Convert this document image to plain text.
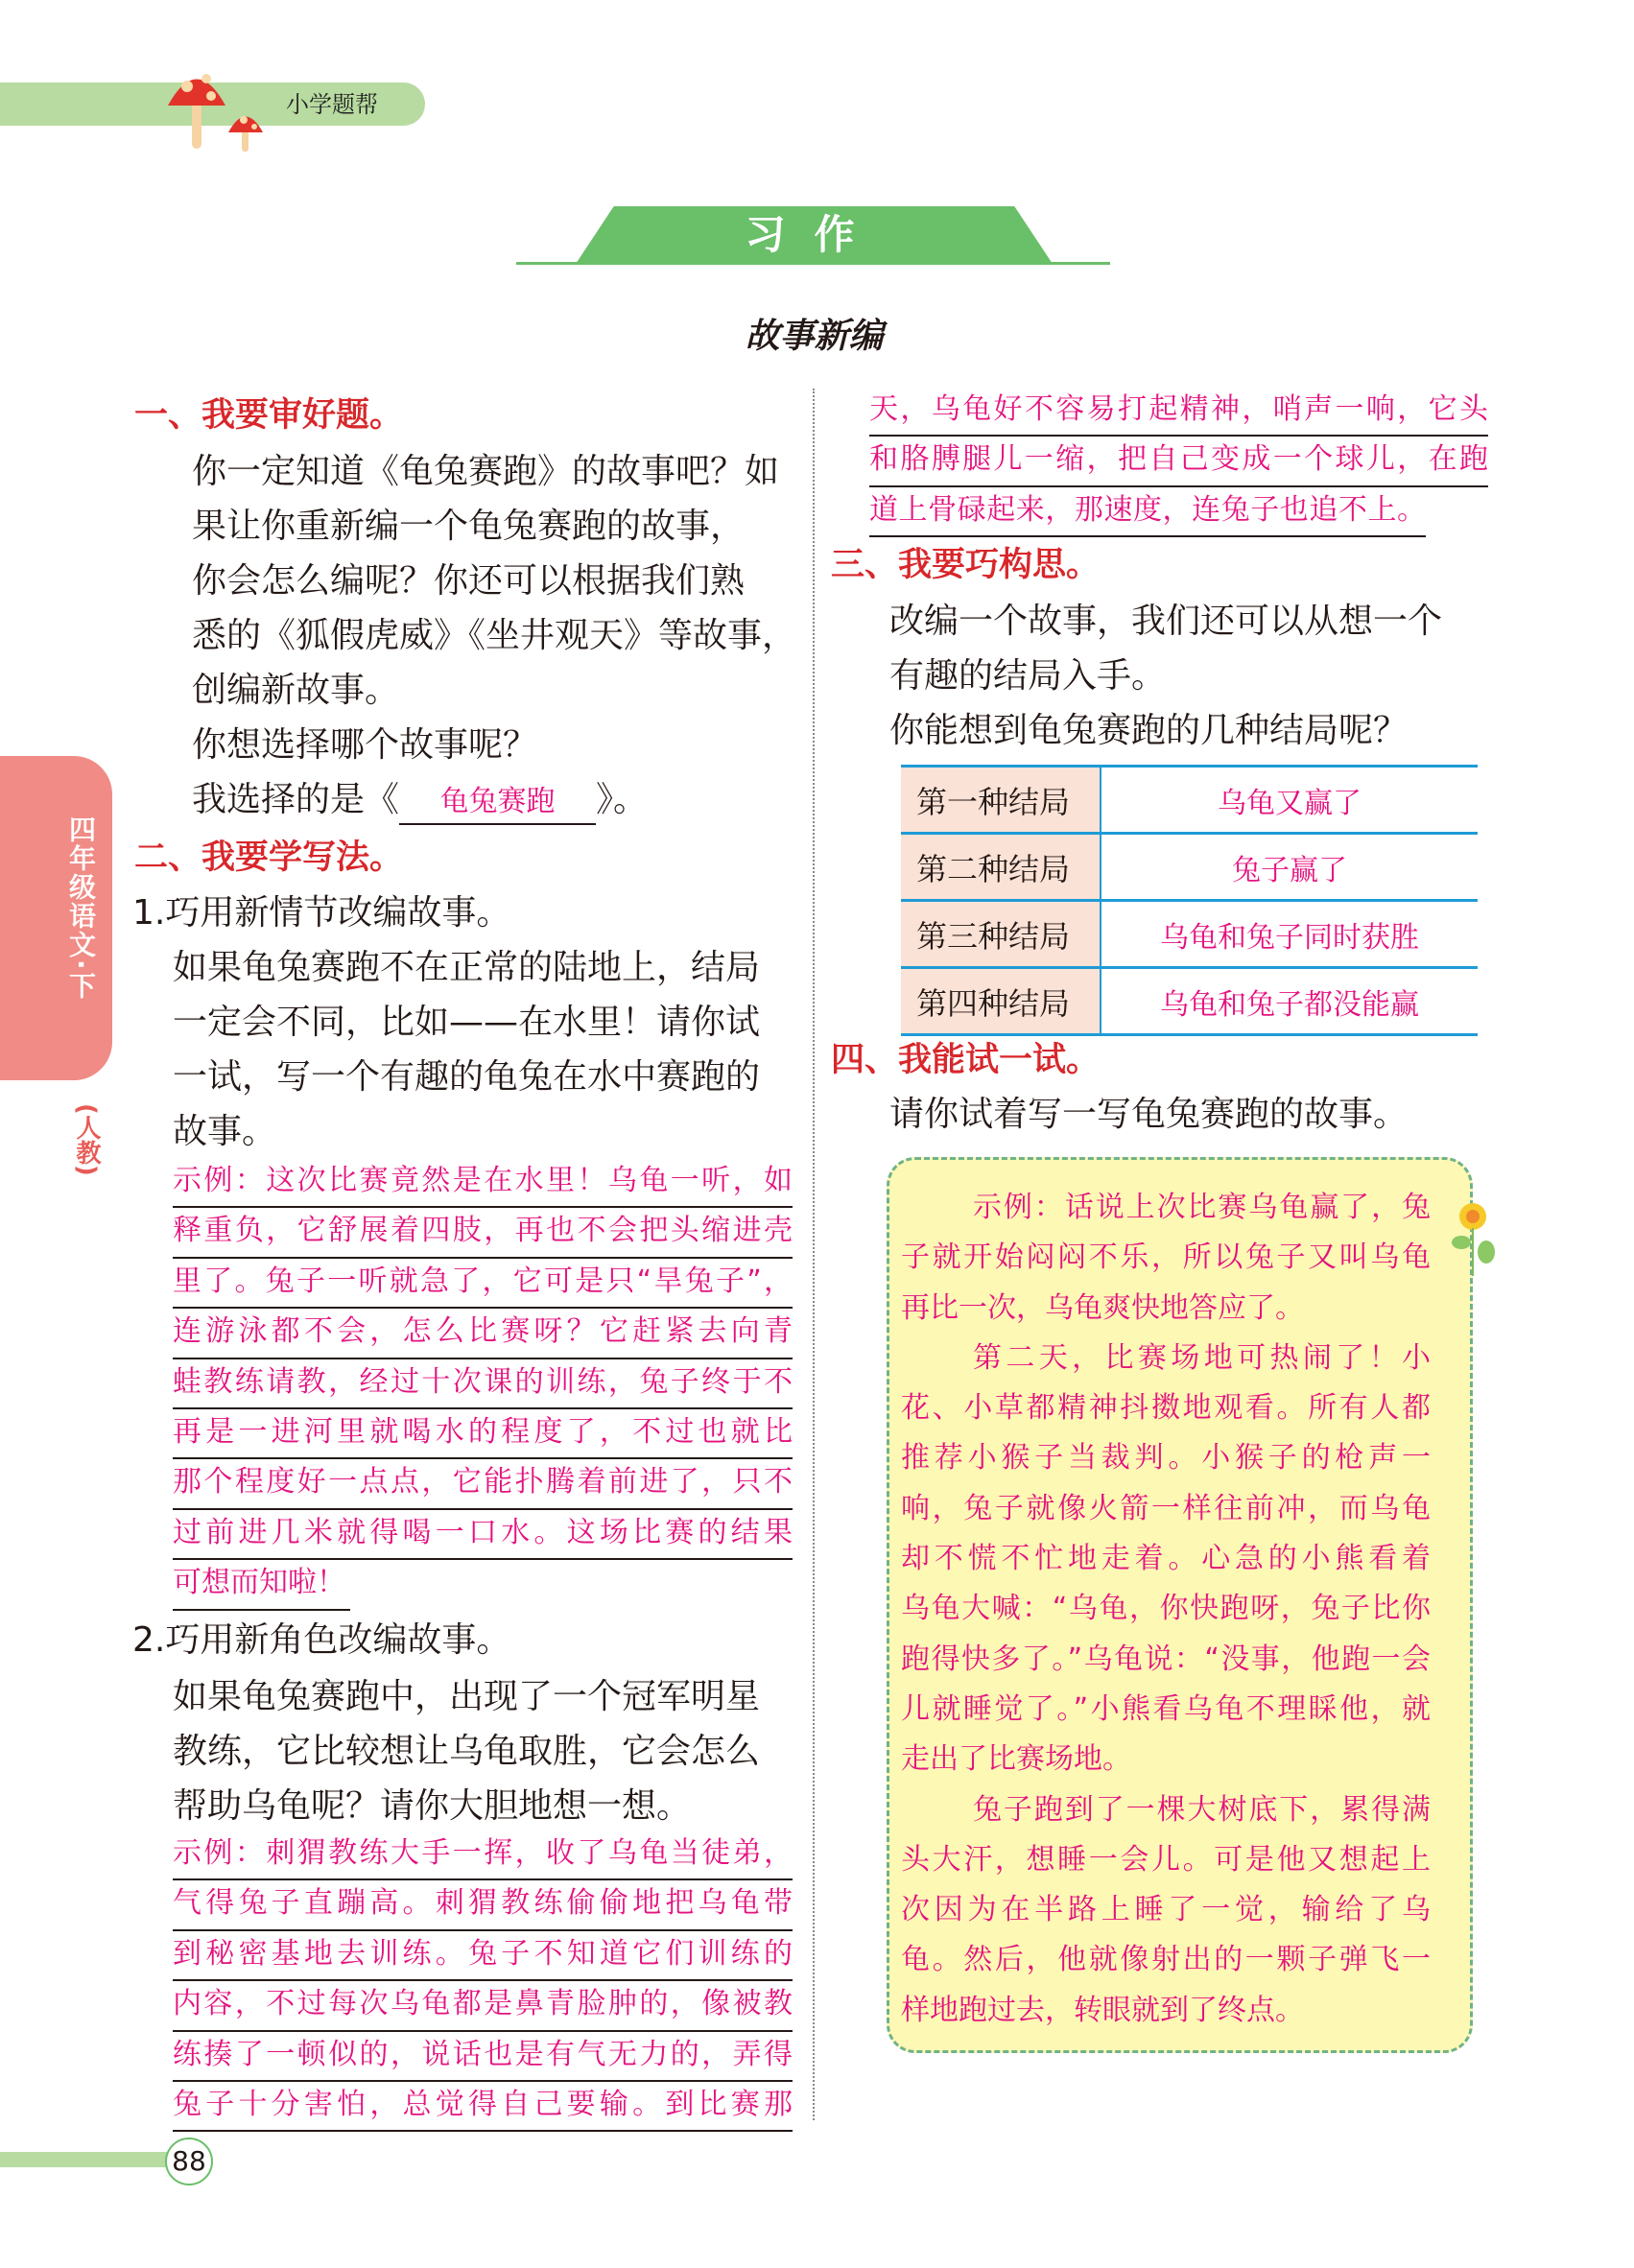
小学题帮
习作
故事新编
四年级语文·下
(人教)
一、我要审好题。
你一定知道《龟兔赛跑》的故事吧？如
果让你重新编一个龟兔赛跑的故事，
你会怎么编呢？你还可以根据我们熟
悉的《狐假虎威》《坐井观天》等故事，
创编新故事。
你想选择哪个故事呢？
我选择的是《 龟兔赛跑 》。
二、我要学写法。
1.巧用新情节改编故事。
如果龟兔赛跑不在正常的陆地上，结局
一定会不同，比如——在水里！请你试
一试，写一个有趣的龟兔在水中赛跑的
故事。
示例：这次比赛竟然是在水里！乌龟一听，如
释重负，它舒展着四肢，再也不会把头缩进壳
里了。兔子一听就急了，它可是只“旱兔子”，
连游泳都不会，怎么比赛呀？它赶紧去向青
蛙教练请教，经过十次课的训练，兔子终于不
再是一进河里就喝水的程度了，不过也就比
那个程度好一点点，它能扑腾着前进了，只不
过前进几米就得喝一口水。这场比赛的结果
可想而知啦！
2.巧用新角色改编故事。
如果龟兔赛跑中，出现了一个冠军明星
教练，它比较想让乌龟取胜，它会怎么
帮助乌龟呢？请你大胆地想一想。
示例：刺猬教练大手一挥，收了乌龟当徒弟，
气得兔子直蹦高。刺猬教练偷偷地把乌龟带
到秘密基地去训练。兔子不知道它们训练的
内容，不过每次乌龟都是鼻青脸肿的，像被教
练揍了一顿似的，说话也是有气无力的，弄得
兔子十分害怕，总觉得自己要输。到比赛那
天，乌龟好不容易打起精神，哨声一响，它头
和胳膊腿儿一缩，把自己变成一个球儿，在跑
道上骨碌起来，那速度，连兔子也追不上。
三、我要巧构思。
改编一个故事，我们还可以从想一个
有趣的结局入手。
你能想到龟兔赛跑的几种结局呢？
第一种结局	乌龟又赢了
第二种结局	兔子赢了
第三种结局	乌龟和兔子同时获胜
第四种结局	乌龟和兔子都没能赢
四、我能试一试。
请你试着写一写龟兔赛跑的故事。
示例：话说上次比赛乌龟赢了，兔
子就开始闷闷不乐，所以兔子又叫乌龟
再比一次，乌龟爽快地答应了。
第二天，比赛场地可热闹了！小
花、小草都精神抖擞地观看。所有人都
推荐小猴子当裁判。小猴子的枪声一
响，兔子就像火箭一样往前冲，而乌龟
却不慌不忙地走着。心急的小熊看着
乌龟大喊：“乌龟，你快跑呀，兔子比你
跑得快多了。”乌龟说：“没事，他跑一会
儿就睡觉了。”小熊看乌龟不理睬他，就
走出了比赛场地。
兔子跑到了一棵大树底下，累得满
头大汗，想睡一会儿。可是他又想起上
次因为在半路上睡了一觉，输给了乌
龟。然后，他就像射出的一颗子弹飞一
样地跑过去，转眼就到了终点。
88
